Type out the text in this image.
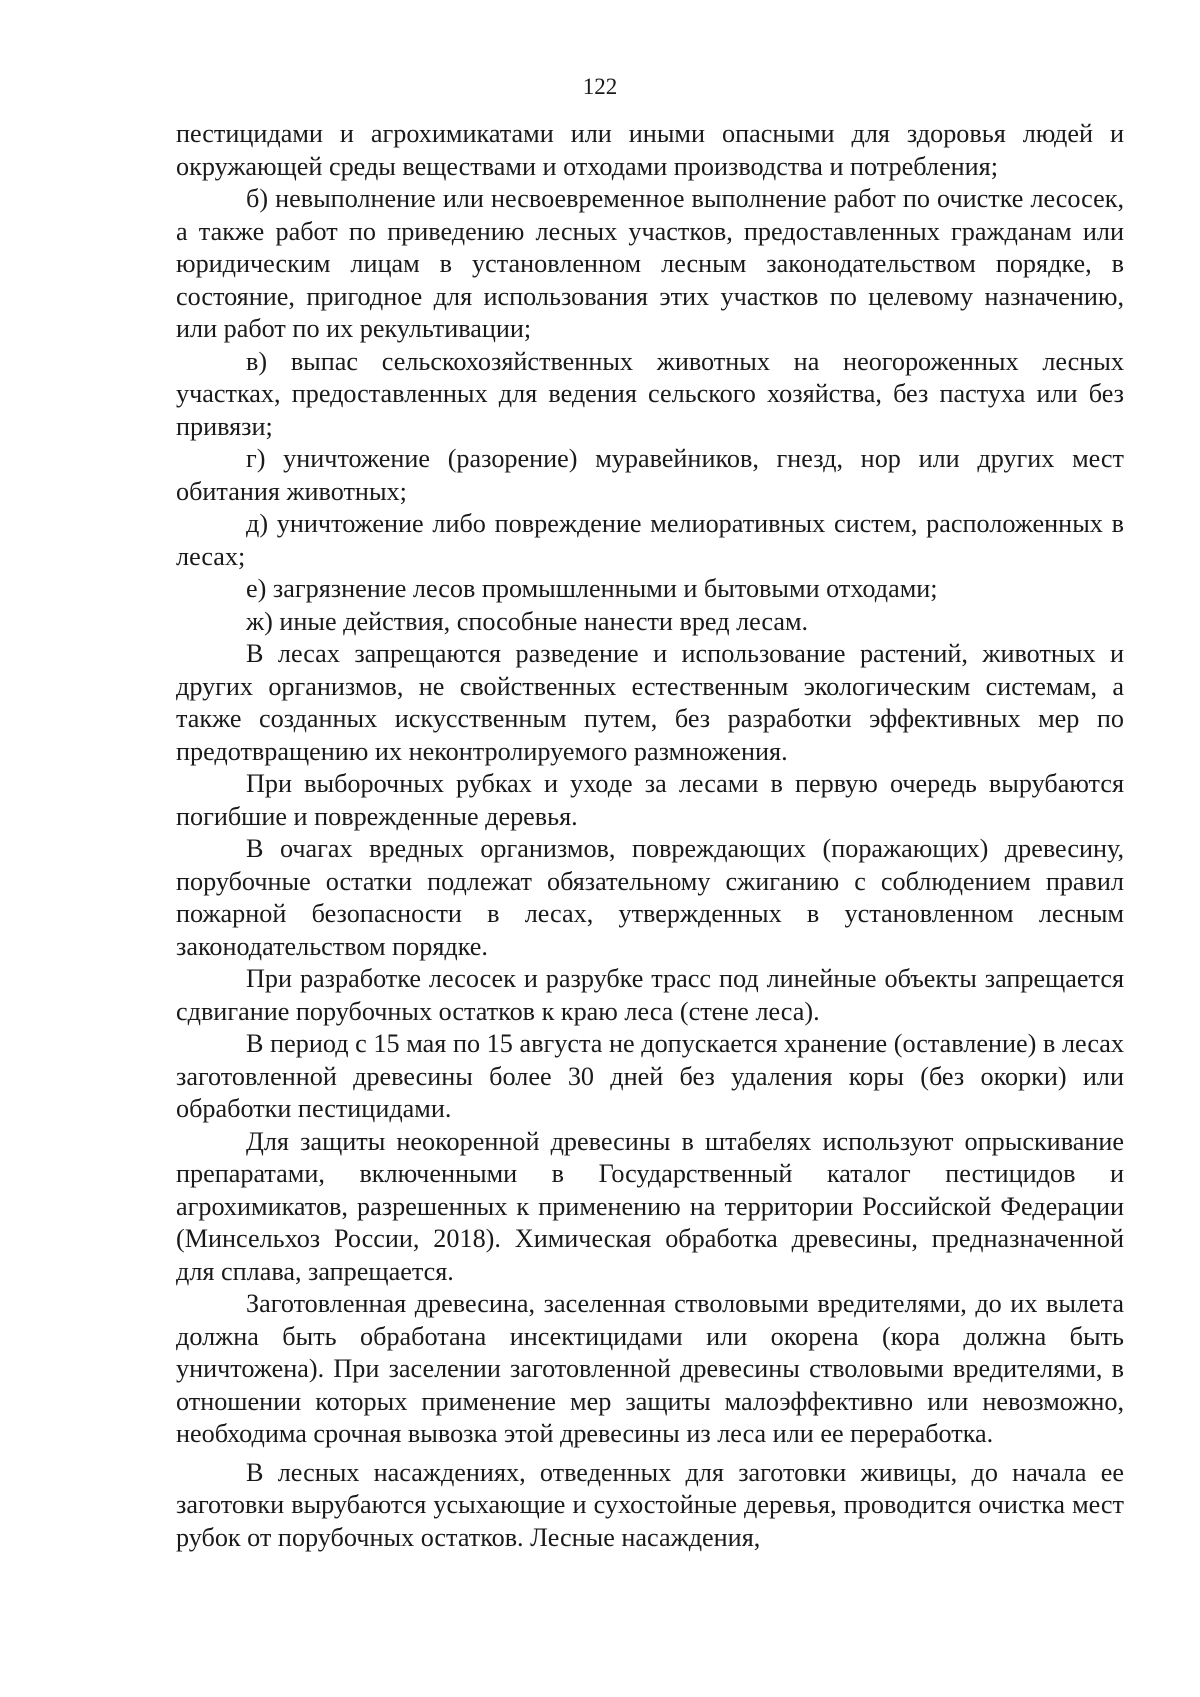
122

пестицидами и агрохимикатами или иными опасными для здоровья людей и окружающей среды веществами и отходами производства и потребления;

б) невыполнение или несвоевременное выполнение работ по очистке лесосек, а также работ по приведению лесных участков, предоставленных гражданам или юридическим лицам в установленном лесным законодательством порядке, в состояние, пригодное для использования этих участков по целевому назначению, или работ по их рекультивации;

в) выпас сельскохозяйственных животных на неогороженных лесных участках, предоставленных для ведения сельского хозяйства, без пастуха или без привязи;

г) уничтожение (разорение) муравейников, гнезд, нор или других мест обитания животных;

д) уничтожение либо повреждение мелиоративных систем, расположенных в лесах;

е) загрязнение лесов промышленными и бытовыми отходами;

ж) иные действия, способные нанести вред лесам.

В лесах запрещаются разведение и использование растений, животных и других организмов, не свойственных естественным экологическим системам, а также созданных искусственным путем, без разработки эффективных мер по предотвращению их неконтролируемого размножения.

При выборочных рубках и уходе за лесами в первую очередь вырубаются погибшие и поврежденные деревья.

В очагах вредных организмов, повреждающих (поражающих) древесину, порубочные остатки подлежат обязательному сжиганию с соблюдением правил пожарной безопасности в лесах, утвержденных в установленном лесным законодательством порядке.

При разработке лесосек и разрубке трасс под линейные объекты запрещается сдвигание порубочных остатков к краю леса (стене леса).

В период с 15 мая по 15 августа не допускается хранение (оставление) в лесах заготовленной древесины более 30 дней без удаления коры (без окорки) или обработки пестицидами.

Для защиты неокоренной древесины в штабелях используют опрыскивание препаратами, включенными в Государственный каталог пестицидов и агрохимикатов, разрешенных к применению на территории Российской Федерации (Минсельхоз России, 2018). Химическая обработка древесины, предназначенной для сплава, запрещается.

Заготовленная древесина, заселенная стволовыми вредителями, до их вылета должна быть обработана инсектицидами или окорена (кора должна быть уничтожена). При заселении заготовленной древесины стволовыми вредителями, в отношении которых применение мер защиты малоэффективно или невозможно, необходима срочная вывозка этой древесины из леса или ее переработка.

В лесных насаждениях, отведенных для заготовки живицы, до начала ее заготовки вырубаются усыхающие и сухостойные деревья, проводится очистка мест рубок от порубочных остатков. Лесные насаждения,
